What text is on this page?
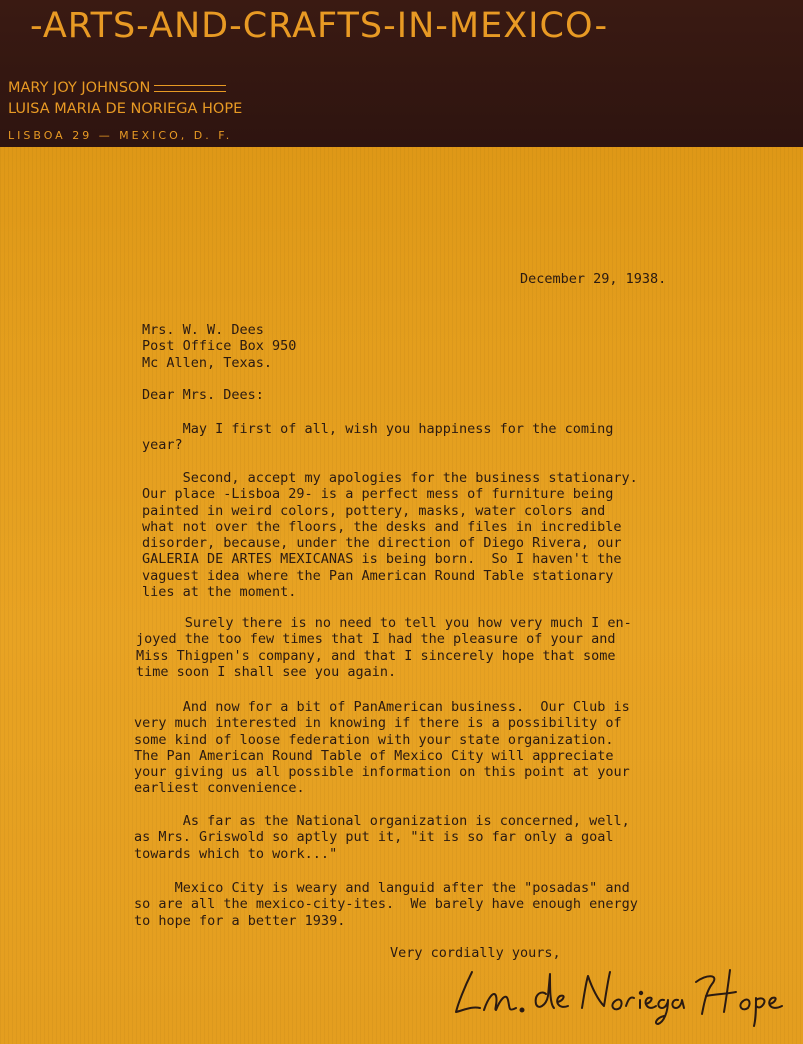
-ARTS-AND-CRAFTS-IN-MEXICO-
MARY JOY JOHNSON
LUISA MARIA DE NORIEGA HOPE
LISBOA 29 — MEXICO, D. F.
December 29, 1938.
Mrs. W. W. Dees
Post Office Box 950
Mc Allen, Texas.
Dear Mrs. Dees:
May I first of all, wish you happiness for the coming
year?
Second, accept my apologies for the business stationary.
Our place -Lisboa 29- is a perfect mess of furniture being
painted in weird colors, pottery, masks, water colors and
what not over the floors, the desks and files in incredible
disorder, because, under the direction of Diego Rivera, our
GALERIA DE ARTES MEXICANAS is being born.  So I haven't the
vaguest idea where the Pan American Round Table stationary
lies at the moment.
Surely there is no need to tell you how very much I en-
joyed the too few times that I had the pleasure of your and
Miss Thigpen's company, and that I sincerely hope that some
time soon I shall see you again.
And now for a bit of PanAmerican business.  Our Club is
very much interested in knowing if there is a possibility of
some kind of loose federation with your state organization.
The Pan American Round Table of Mexico City will appreciate
your giving us all possible information on this point at your
earliest convenience.
As far as the National organization is concerned, well,
as Mrs. Griswold so aptly put it, "it is so far only a goal
towards which to work..."
Mexico City is weary and languid after the "posadas" and
so are all the mexico-city-ites.  We barely have enough energy
to hope for a better 1939.
Very cordially yours,
